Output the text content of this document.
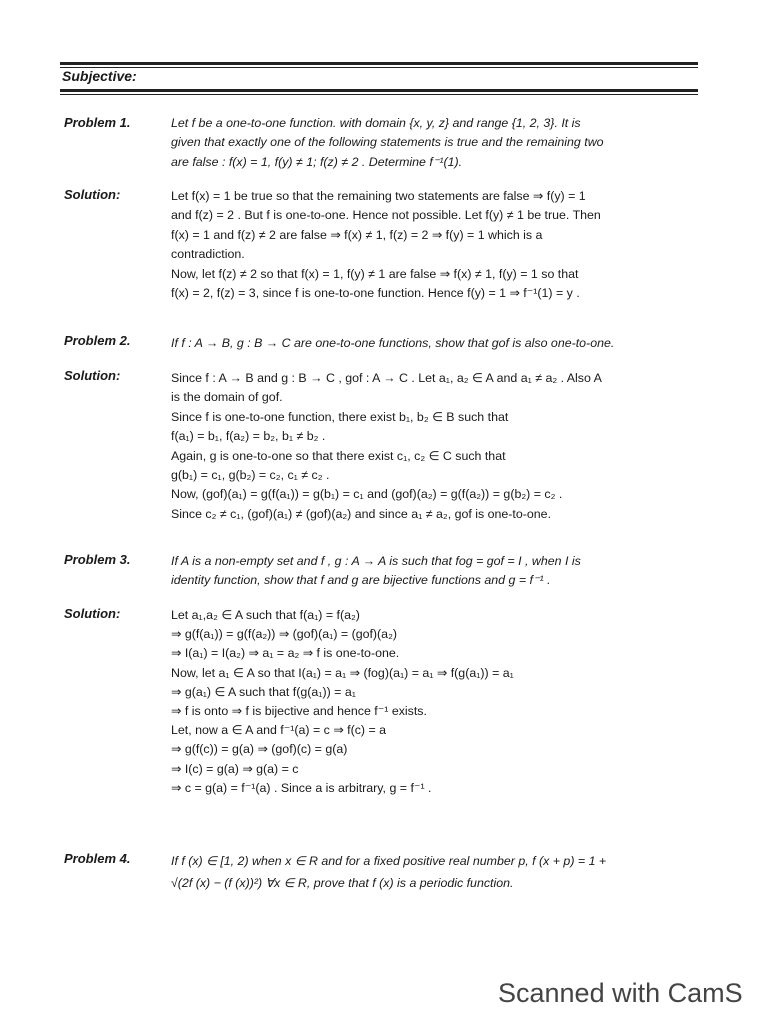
Subjective:
Problem 1.	Let f be a one-to-one function. with domain {x, y, z} and range {1, 2, 3}. It is
given that exactly one of the following statements is true and the remaining two
are false : f(x) = 1, f(y) ≠ 1; f(z) ≠ 2 . Determine f⁻¹(1).
Solution:	Let f(x) = 1 be true so that the remaining two statements are false ⇒ f(y) = 1
and f(z) = 2 . But f is one-to-one. Hence not possible. Let f(y) ≠ 1 be true. Then
f(x) = 1 and f(z) ≠ 2 are false ⇒ f(x) ≠ 1, f(z) = 2 ⇒ f(y) = 1 which is a
contradiction.
Now, let f(z) ≠ 2 so that f(x) = 1, f(y) ≠ 1 are false ⇒ f(x) ≠ 1, f(y) = 1 so that
f(x) = 2, f(z) = 3, since f is one-to-one function. Hence f(y) = 1 ⇒ f⁻¹(1) = y .
Problem 2.	If f : A → B, g : B → C are one-to-one functions, show that gof is also one-to-one.
Solution:	Since f : A → B and g : B → C , gof : A → C . Let a₁, a₂ ∈ A and a₁ ≠ a₂ . Also A
is the domain of gof.
Since f is one-to-one function, there exist b₁, b₂ ∈ B such that
f(a₁) = b₁, f(a₂) = b₂, b₁ ≠ b₂ .
Again, g is one-to-one so that there exist c₁, c₂ ∈ C such that
g(b₁) = c₁, g(b₂) = c₂, c₁ ≠ c₂ .
Now, (gof)(a₁) = g(f(a₁)) = g(b₁) = c₁ and (gof)(a₂) = g(f(a₂)) = g(b₂) = c₂ .
Since c₂ ≠ c₁, (gof)(a₁) ≠ (gof)(a₂) and since a₁ ≠ a₂, gof is one-to-one.
Problem 3.	If A is a non-empty set and f , g : A → A is such that fog = gof = I , when I is
identity function, show that f and g are bijective functions and g = f⁻¹ .
Solution:	Let a₁,a₂ ∈ A such that f(a₁) = f(a₂)
⇒ g(f(a₁)) = g(f(a₂)) ⇒ (gof)(a₁) = (gof)(a₂)
⇒ I(a₁) = I(a₂) ⇒ a₁ = a₂ ⇒ f is one-to-one.
Now, let a₁ ∈ A so that I(a₁) = a₁ ⇒ (fog)(a₁) = a₁ ⇒ f(g(a₁)) = a₁
⇒ g(a₁) ∈ A such that f(g(a₁)) = a₁
⇒ f is onto ⇒ f is bijective and hence f⁻¹ exists.
Let, now a ∈ A and f⁻¹(a) = c ⇒ f(c) = a
⇒ g(f(c)) = g(a) ⇒ (gof)(c) = g(a)
⇒ I(c) = g(a) ⇒ g(a) = c
⇒ c = g(a) = f⁻¹(a) . Since a is arbitrary, g = f⁻¹ .
Problem 4.	If f (x) ∈ [1, 2) when x ∈ R and for a fixed positive real number p, f (x + p) = 1 +
√(2f (x) − (f (x))²) ∀x ∈ R, prove that f (x) is a periodic function.
Scanned with CamS
